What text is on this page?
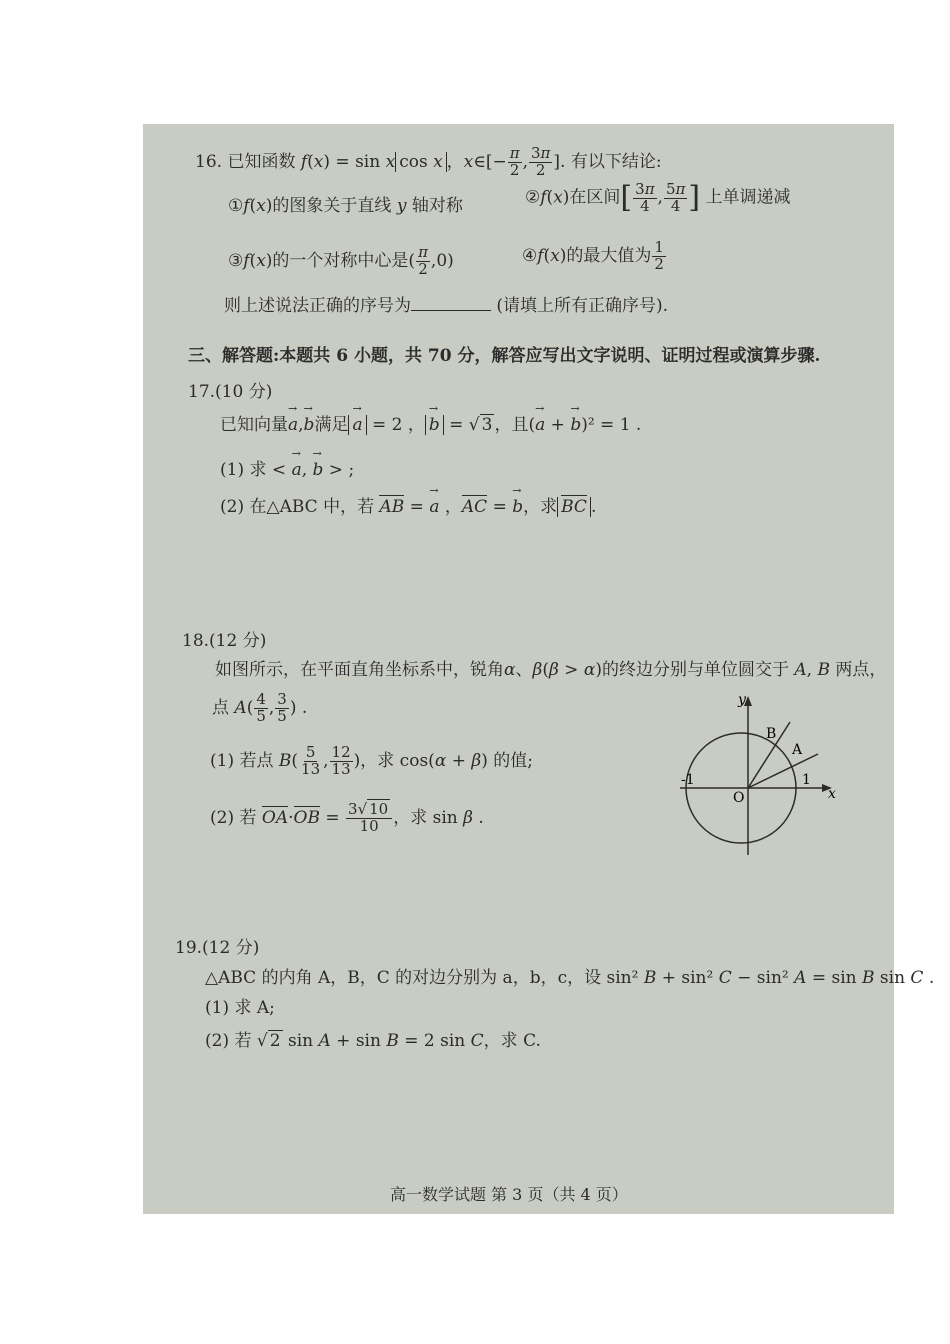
16. 已知函数 f(x) = sin x cos x ，x∈[− $\frac{\pi}{2}$ , $\frac{3\pi}{2}$ ]. 有以下结论:
①f(x)的图象关于直线 y 轴对称	②f(x)在区间[ $\frac{3\pi}{4}$ , $\frac{5\pi}{4}$ ] 上单调递减
③f(x)的一个对称中心是( $\frac{\pi}{2} ,0$)	④f(x)的最大值为 $\frac{1}{2}$
则上述说法正确的序号为	(请填上所有正确序号).
三、解答题:本题共 6 小题，共 70 分，解答应写出文字说明、证明过程或演算步骤.
17.(10 分)
已知向量→ a,→ b满足 → a = 2 ， → b = √ 3 ，且(→ a + → b)² = 1 .
(1) 求 < → a, → b > ;
(2) 在△ABC 中，若 AB = → a ，AC = → b，求 BC .
18.(12 分)
如图所示，在平面直角坐标系中，锐角α、β(β > α)的终边分别与单位圆交于 A, B 两点，
点 $A( \frac{4}{5}$ , $\frac{3}{5}$ ) .
(1) 若点 $B( \frac{5}{13}$ , $\frac{12}{13}$ )，求 cos(α + β) 的值;
(2) 若 $OA\cdot OB = \frac{3√ 10}{10}$ ，求 sin β .
y
x
O
A
B
-1	1
19.(12 分)
△ABC 的内角 A，B，C 的对边分别为 a，b，c，设 sin² B + sin² C − sin² A = sin B sin C .
(1) 求 A;
(2) 若 √ 2 sin A + sin B = 2 sin C，求 C.
高一数学试题 第 3 页（共 4 页）
